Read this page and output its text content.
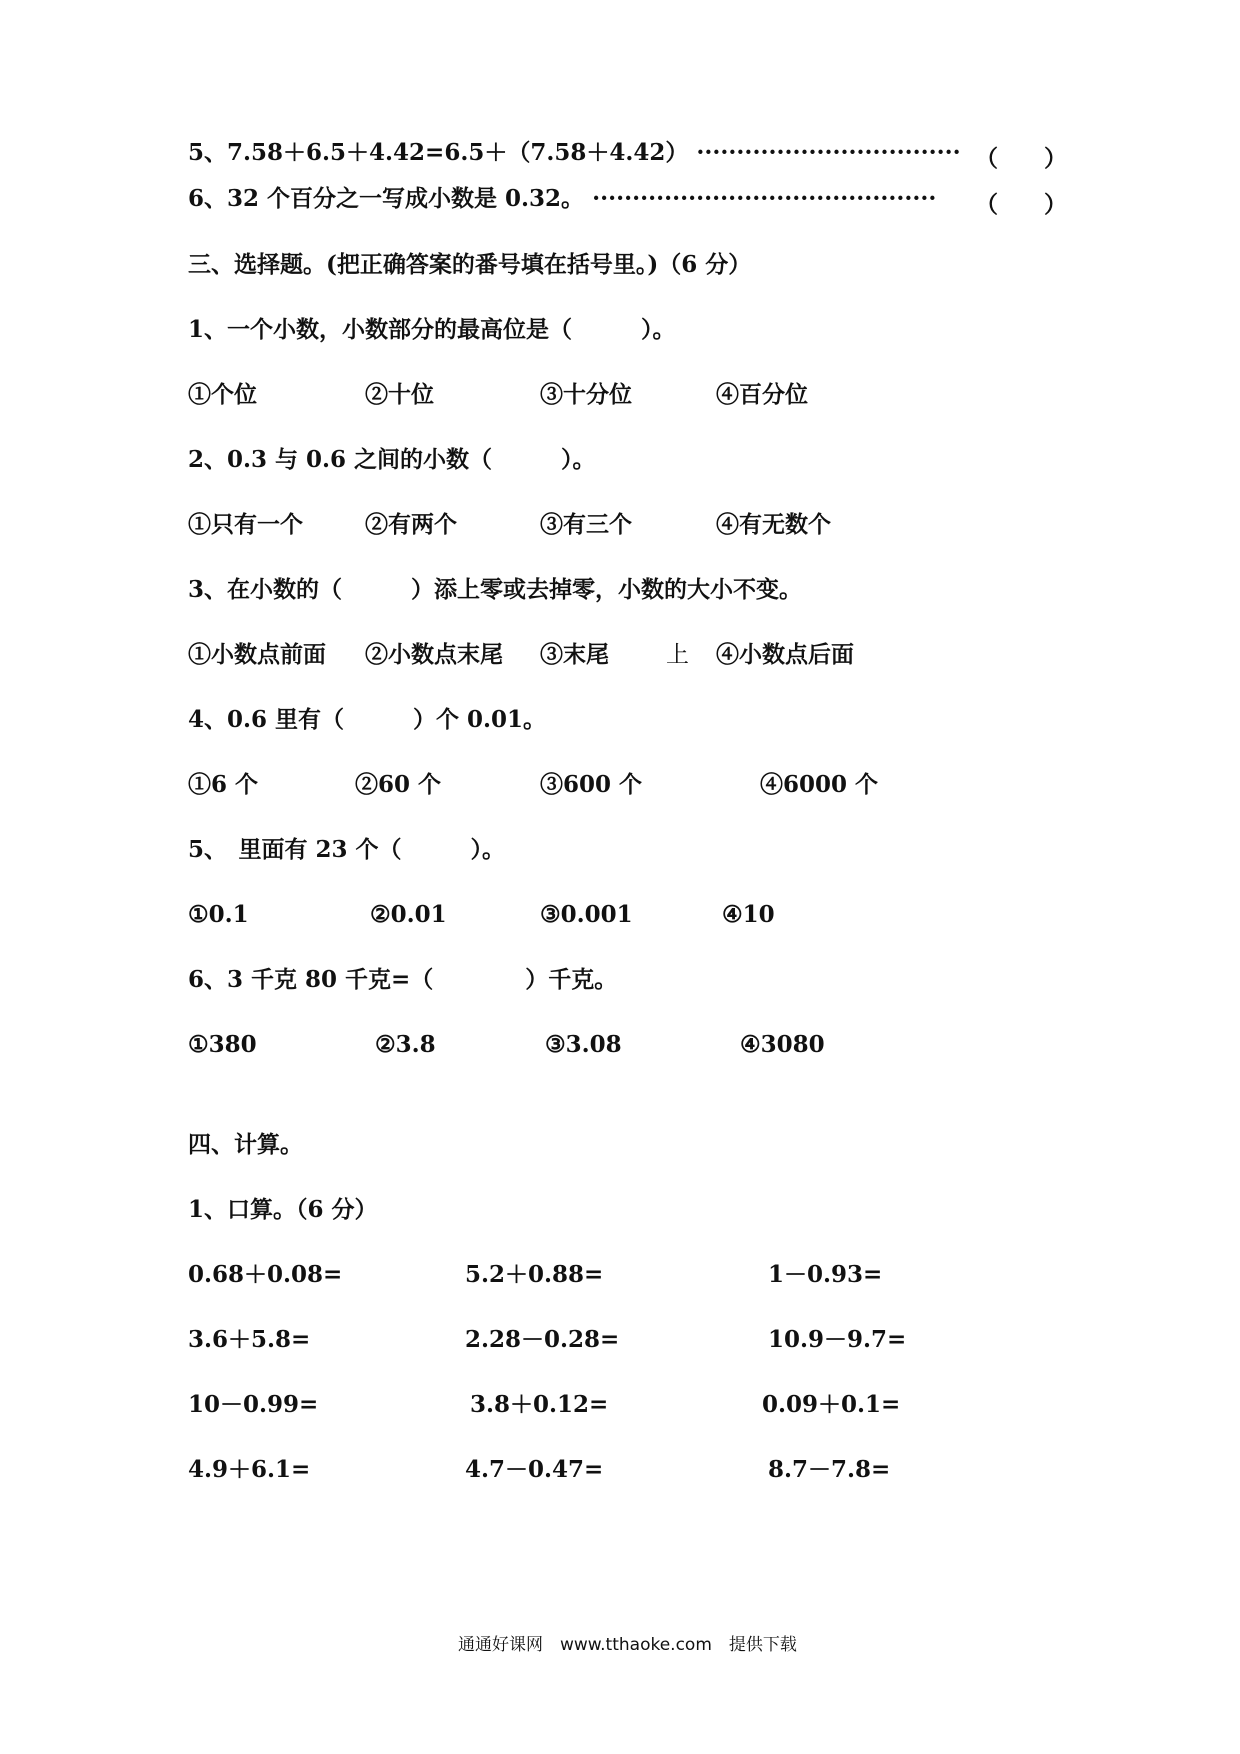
5、7.58＋6.5＋4.42=6.5＋（7.58＋4.42） ································· （　　）
6、32 个百分之一写成小数是 0.32。 ··········································· （　　）
三、选择题。(把正确答案的番号填在括号里。)（6 分）
1、一个小数，小数部分的最高位是（　　　）。
①个位	②十位	③十分位	④百分位
2、0.3 与 0.6 之间的小数（　　　）。
①只有一个	②有两个	③有三个	④有无数个
3、在小数的（　　　）添上零或去掉零，小数的大小不变。
①小数点前面 ②小数点末尾 ③末尾 上 ④小数点后面
4、0.6 里有（　　　）个 0.01。
①6 个	②60 个	③600 个	④6000 个
5、　里面有 23 个（　　　）。
①0.1	②0.01	③0.001	④10
6、3 千克 80 千克=（　　　　）千克。
①380	②3.8	③3.08	④3080
四、计算。
1、口算。（6 分）
0.68＋0.08=	5.2＋0.88=	1－0.93=
3.6＋5.8=	2.28－0.28=	10.9－9.7=
10－0.99=	3.8＋0.12=	0.09＋0.1=
4.9＋6.1=	4.7－0.47=	8.7－7.8=
通通好课网　www.tthaoke.com　提供下载
